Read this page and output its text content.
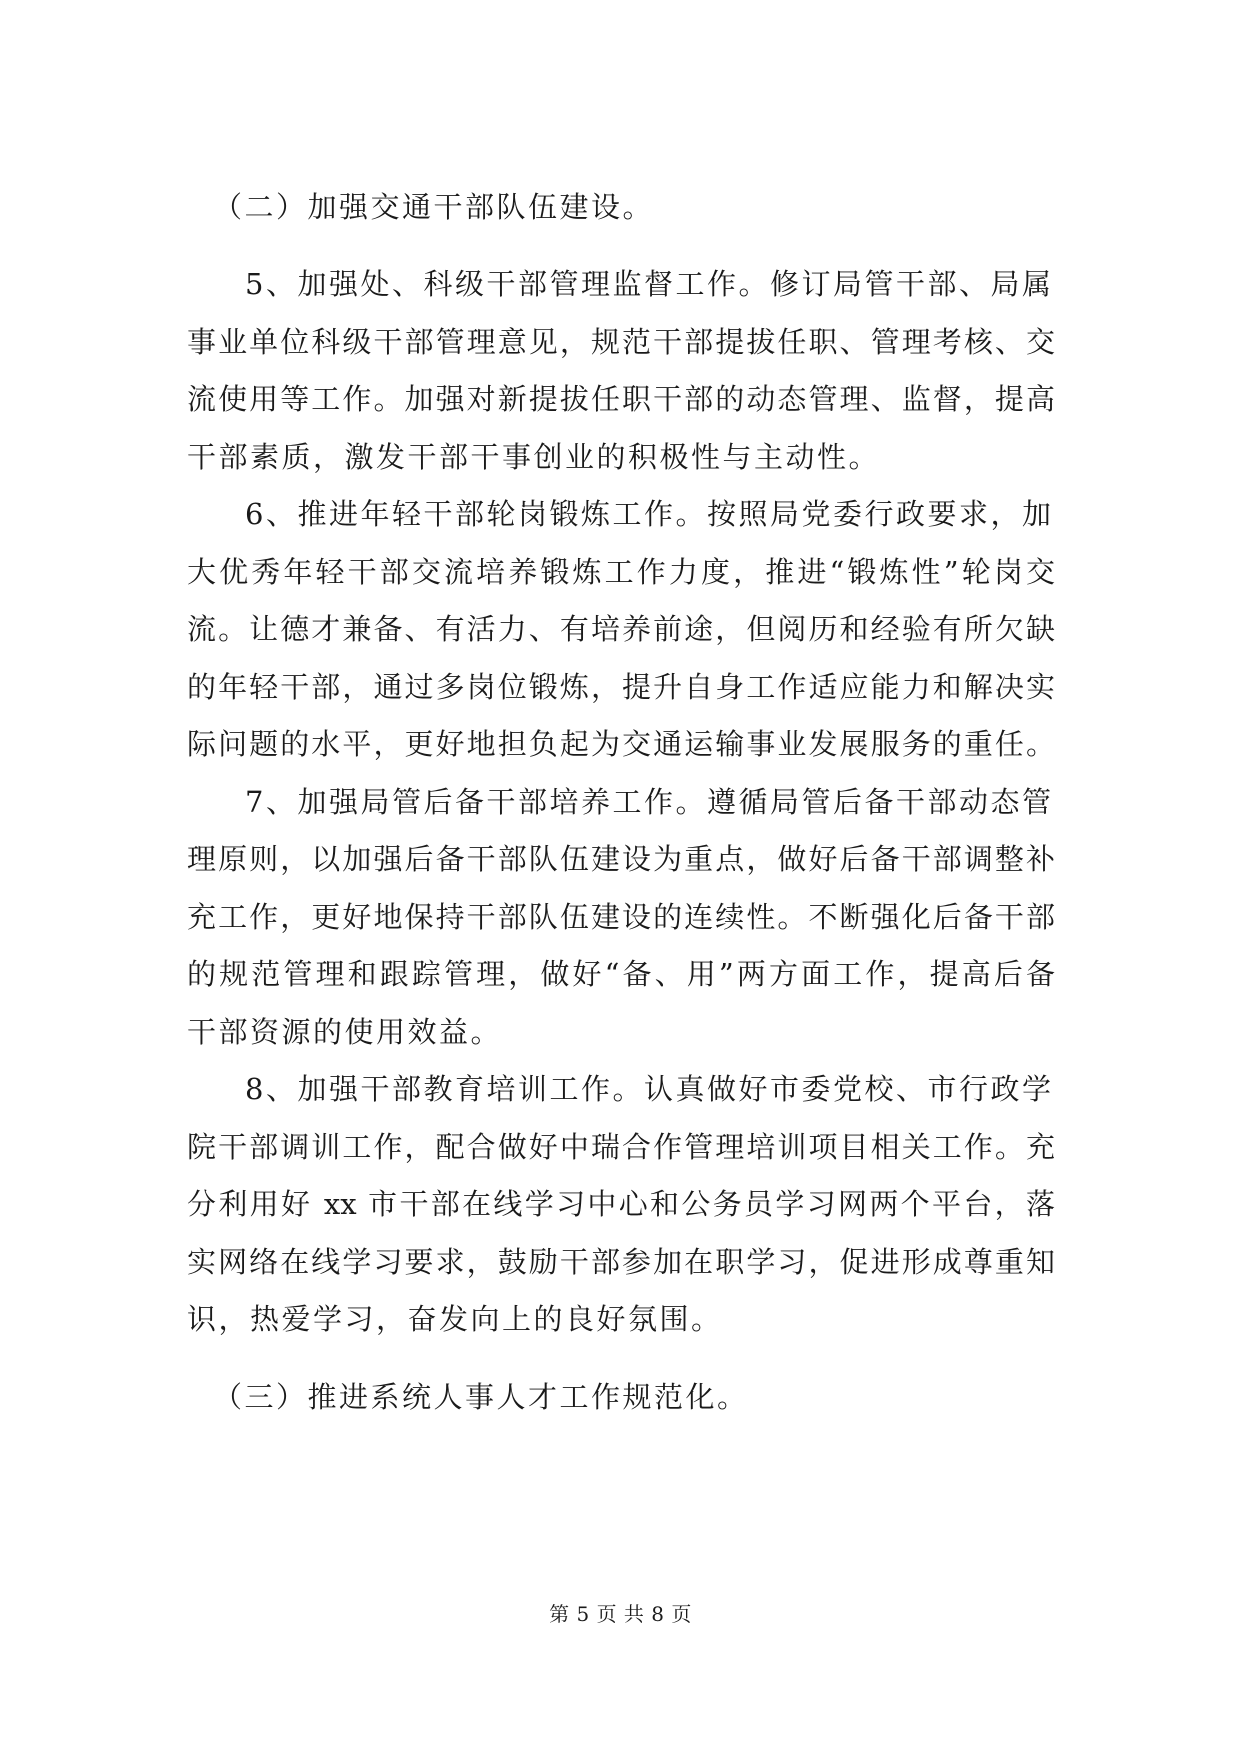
（二）加强交通干部队伍建设。
5、加强处、科级干部管理监督工作。修订局管干部、局属
事业单位科级干部管理意见，规范干部提拔任职、管理考核、交
流使用等工作。加强对新提拔任职干部的动态管理、监督，提高
干部素质，激发干部干事创业的积极性与主动性。
6、推进年轻干部轮岗锻炼工作。按照局党委行政要求，加
大优秀年轻干部交流培养锻炼工作力度，推进“锻炼性”轮岗交
流。让德才兼备、有活力、有培养前途，但阅历和经验有所欠缺
的年轻干部，通过多岗位锻炼，提升自身工作适应能力和解决实
际问题的水平，更好地担负起为交通运输事业发展服务的重任。
7、加强局管后备干部培养工作。遵循局管后备干部动态管
理原则，以加强后备干部队伍建设为重点，做好后备干部调整补
充工作，更好地保持干部队伍建设的连续性。不断强化后备干部
的规范管理和跟踪管理，做好“备、用”两方面工作，提高后备
干部资源的使用效益。
8、加强干部教育培训工作。认真做好市委党校、市行政学
院干部调训工作，配合做好中瑞合作管理培训项目相关工作。充
分利用好 xx 市干部在线学习中心和公务员学习网两个平台，落
实网络在线学习要求，鼓励干部参加在职学习，促进形成尊重知
识，热爱学习，奋发向上的良好氛围。
（三）推进系统人事人才工作规范化。
第 5 页 共 8 页
